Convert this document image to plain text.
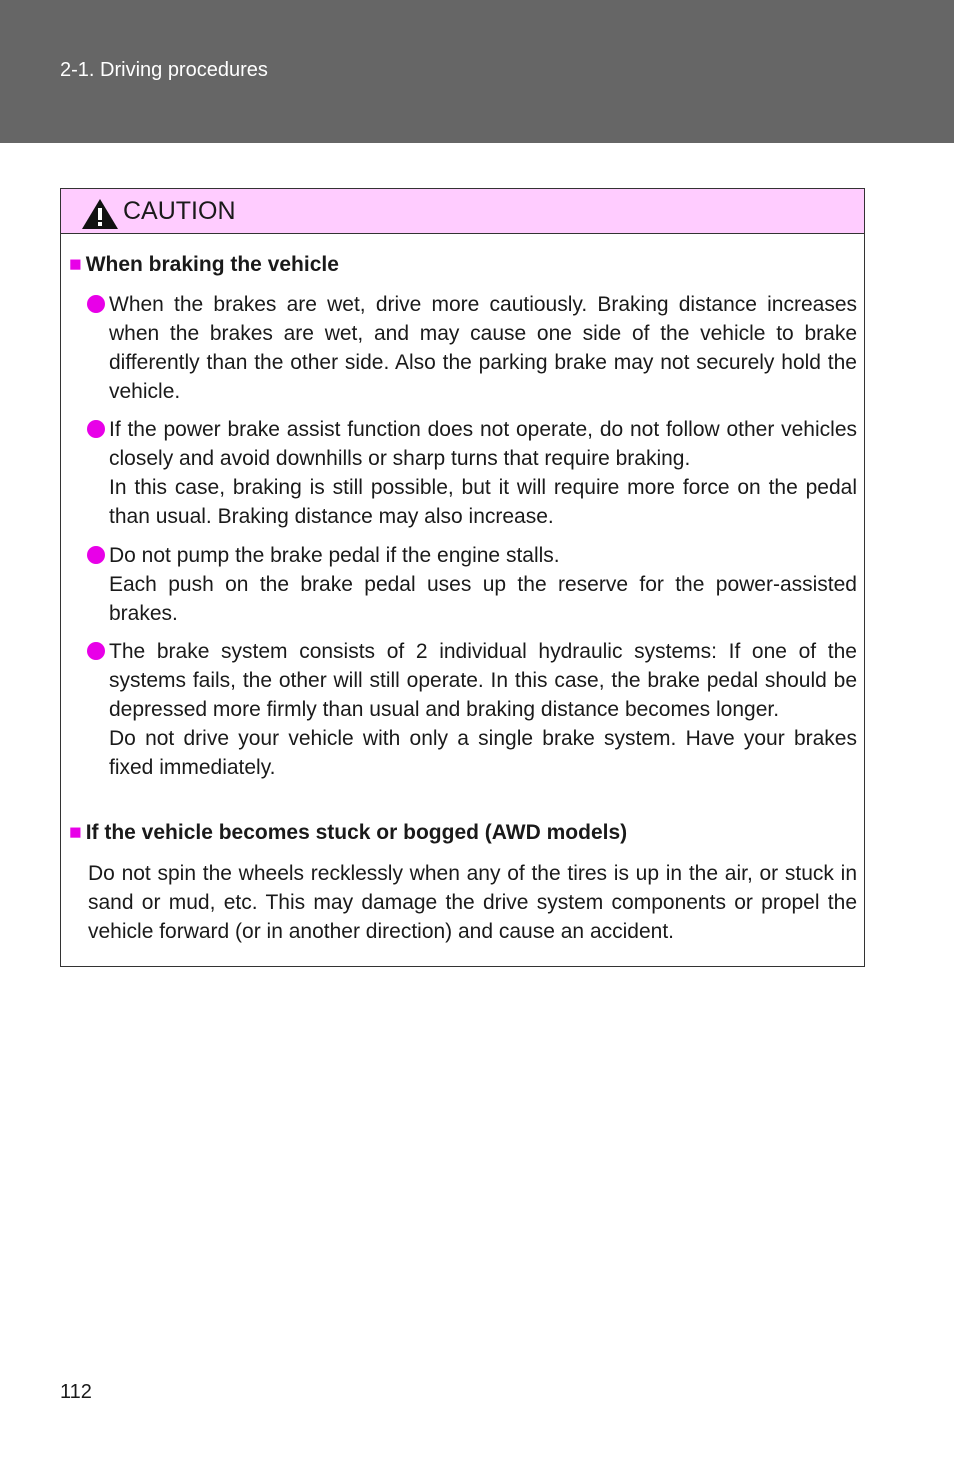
2-1. Driving procedures
CAUTION
■ When braking the vehicle
When the brakes are wet, drive more cautiously. Braking distance increases when the brakes are wet, and may cause one side of the vehicle to brake differently than the other side. Also the parking brake may not securely hold the vehicle.
If the power brake assist function does not operate, do not follow other vehicles closely and avoid downhills or sharp turns that require braking.
In this case, braking is still possible, but it will require more force on the pedal than usual. Braking distance may also increase.
Do not pump the brake pedal if the engine stalls.
Each push on the brake pedal uses up the reserve for the power-assisted brakes.
The brake system consists of 2 individual hydraulic systems: If one of the systems fails, the other will still operate. In this case, the brake pedal should be depressed more firmly than usual and braking distance becomes longer.
Do not drive your vehicle with only a single brake system. Have your brakes fixed immediately.
■ If the vehicle becomes stuck or bogged (AWD models)
Do not spin the wheels recklessly when any of the tires is up in the air, or stuck in sand or mud, etc. This may damage the drive system components or propel the vehicle forward (or in another direction) and cause an accident.
112
